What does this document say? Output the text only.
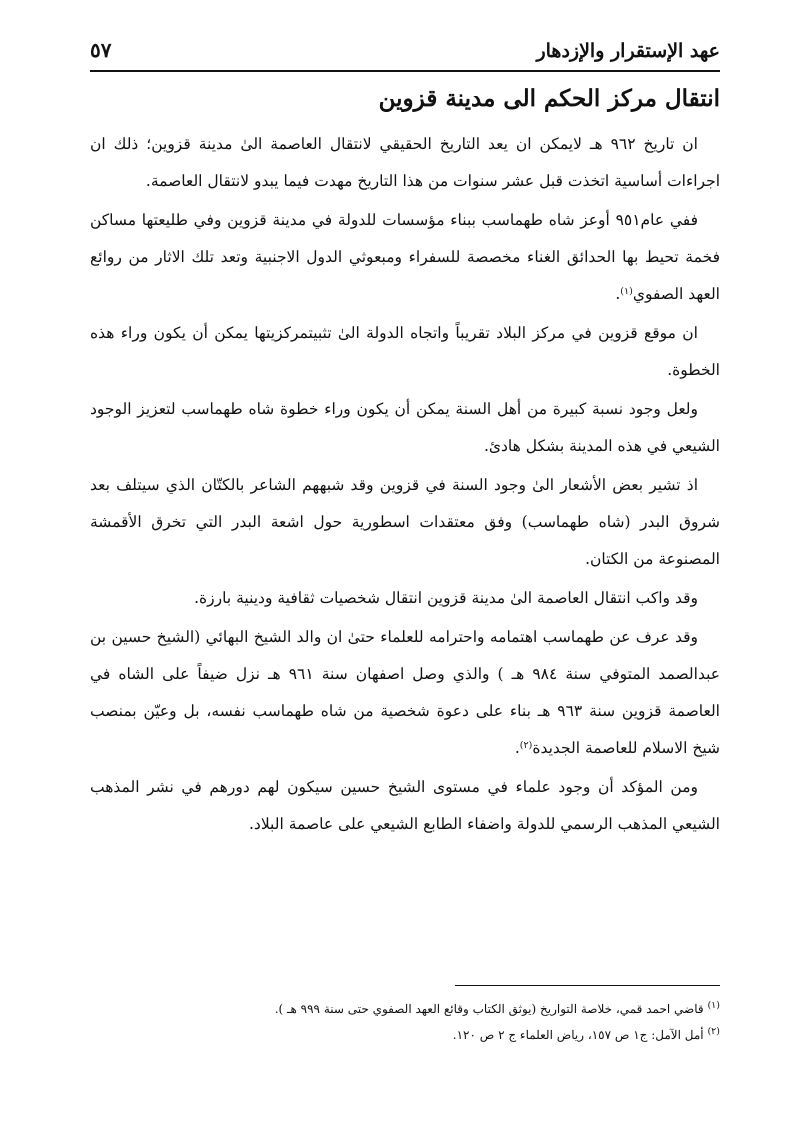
عهد الإستقرار والإزدهار
٥٧
انتقال مركز الحكم الى مدينة قزوين

ان تاريخ ٩٦٢ هـ لايمكن ان يعد التاريخ الحقيقي لانتقال العاصمة الىٰ مدينة قزوين؛ ذلك ان اجراءات أساسية اتخذت قبل عشر سنوات من هذا التاريخ مهدت فيما يبدو لانتقال العاصمة.

ففي عام٩٥١ أوعز شاه طهماسب ببناء مؤسسات للدولة في مدينة قزوين وفي طليعتها مساكن فخمة تحيط بها الحدائق الغناء مخصصة للسفراء ومبعوثي الدول الاجنبية وتعد تلك الاثار من روائع العهد الصفوي$^{(١)}$.

ان موقع قزوين في مركز البلاد تقريباً واتجاه الدولة الىٰ تثبيتمركزيتها يمكن أن يكون وراء هذه الخطوة.

ولعل وجود نسبة كبيرة من أهل السنة يمكن أن يكون وراء خطوة شاه طهماسب لتعزيز الوجود الشيعي في هذه المدينة بشكل هادئ.

اذ تشير بعض الأشعار الىٰ وجود السنة في قزوين وقد شبههم الشاعر بالكتّان الذي سيتلف بعد شروق البدر (شاه طهماسب) وفق معتقدات اسطورية حول اشعة البدر التي تخرق الأقمشة المصنوعة من الكتان.

وقد واكب انتقال العاصمة الىٰ مدينة قزوين انتقال شخصيات ثقافية ودينية بارزة.

وقد عرف عن طهماسب اهتمامه واحترامه للعلماء حتىٰ ان والد الشيخ البهائي (الشيخ حسين بن عبدالصمد المتوفي سنة ٩٨٤ هـ ) والذي وصل اصفهان سنة ٩٦١ هـ نزل ضيفاً على الشاه في العاصمة قزوين سنة ٩٦٣ هـ بناء على دعوة شخصية من شاه طهماسب نفسه، بل وعيّن بمنصب شيخ الاسلام للعاصمة الجديدة$^{(٢)}$.

ومن المؤكد أن وجود علماء في مستوى الشيخ حسين سيكون لهم دورهم في نشر المذهب الشيعي المذهب الرسمي للدولة واضفاء الطابع الشيعي على عاصمة البلاد.

$^{(١)}$ قاضي احمد قمي، خلاصة التواريخ (يوثق الكتاب وقائع العهد الصفوي حتى سنة ٩٩٩ هـ ).

$^{(٢)}$ أمل الآمل: ج١ ص ١٥٧، رياض العلماء ج ٢ ص ١٢٠.
